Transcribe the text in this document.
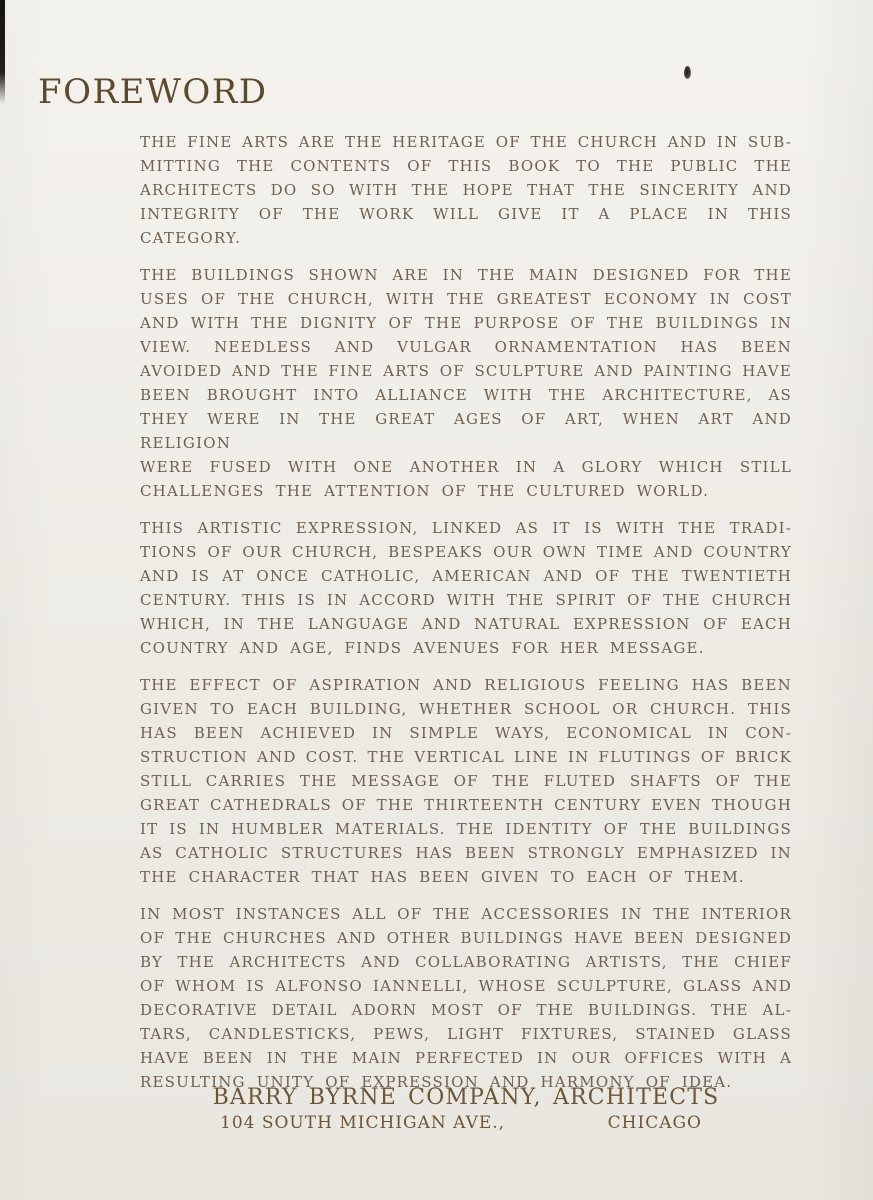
FOREWORD
THE FINE ARTS ARE THE HERITAGE OF THE CHURCH AND IN SUB-
MITTING THE CONTENTS OF THIS BOOK TO THE PUBLIC THE
ARCHITECTS DO SO WITH THE HOPE THAT THE SINCERITY AND
INTEGRITY OF THE WORK WILL GIVE IT A PLACE IN THIS
CATEGORY.
THE BUILDINGS SHOWN ARE IN THE MAIN DESIGNED FOR THE
USES OF THE CHURCH, WITH THE GREATEST ECONOMY IN COST
AND WITH THE DIGNITY OF THE PURPOSE OF THE BUILDINGS IN
VIEW. NEEDLESS AND VULGAR ORNAMENTATION HAS BEEN
AVOIDED AND THE FINE ARTS OF SCULPTURE AND PAINTING HAVE
BEEN BROUGHT INTO ALLIANCE WITH THE ARCHITECTURE, AS
THEY WERE IN THE GREAT AGES OF ART, WHEN ART AND RELIGION
WERE FUSED WITH ONE ANOTHER IN A GLORY WHICH STILL
CHALLENGES THE ATTENTION OF THE CULTURED WORLD.
THIS ARTISTIC EXPRESSION, LINKED AS IT IS WITH THE TRADI-
TIONS OF OUR CHURCH, BESPEAKS OUR OWN TIME AND COUNTRY
AND IS AT ONCE CATHOLIC, AMERICAN AND OF THE TWENTIETH
CENTURY. THIS IS IN ACCORD WITH THE SPIRIT OF THE CHURCH
WHICH, IN THE LANGUAGE AND NATURAL EXPRESSION OF EACH
COUNTRY AND AGE, FINDS AVENUES FOR HER MESSAGE.
THE EFFECT OF ASPIRATION AND RELIGIOUS FEELING HAS BEEN
GIVEN TO EACH BUILDING, WHETHER SCHOOL OR CHURCH. THIS
HAS BEEN ACHIEVED IN SIMPLE WAYS, ECONOMICAL IN CON-
STRUCTION AND COST. THE VERTICAL LINE IN FLUTINGS OF BRICK
STILL CARRIES THE MESSAGE OF THE FLUTED SHAFTS OF THE
GREAT CATHEDRALS OF THE THIRTEENTH CENTURY EVEN THOUGH
IT IS IN HUMBLER MATERIALS. THE IDENTITY OF THE BUILDINGS
AS CATHOLIC STRUCTURES HAS BEEN STRONGLY EMPHASIZED IN
THE CHARACTER THAT HAS BEEN GIVEN TO EACH OF THEM.
IN MOST INSTANCES ALL OF THE ACCESSORIES IN THE INTERIOR
OF THE CHURCHES AND OTHER BUILDINGS HAVE BEEN DESIGNED
BY THE ARCHITECTS AND COLLABORATING ARTISTS, THE CHIEF
OF WHOM IS ALFONSO IANNELLI, WHOSE SCULPTURE, GLASS AND
DECORATIVE DETAIL ADORN MOST OF THE BUILDINGS. THE AL-
TARS, CANDLESTICKS, PEWS, LIGHT FIXTURES, STAINED GLASS
HAVE BEEN IN THE MAIN PERFECTED IN OUR OFFICES WITH A
RESULTING UNITY OF EXPRESSION AND HARMONY OF IDEA.
BARRY BYRNE COMPANY, ARCHITECTS
104 SOUTH MICHIGAN AVE.,	CHICAGO
